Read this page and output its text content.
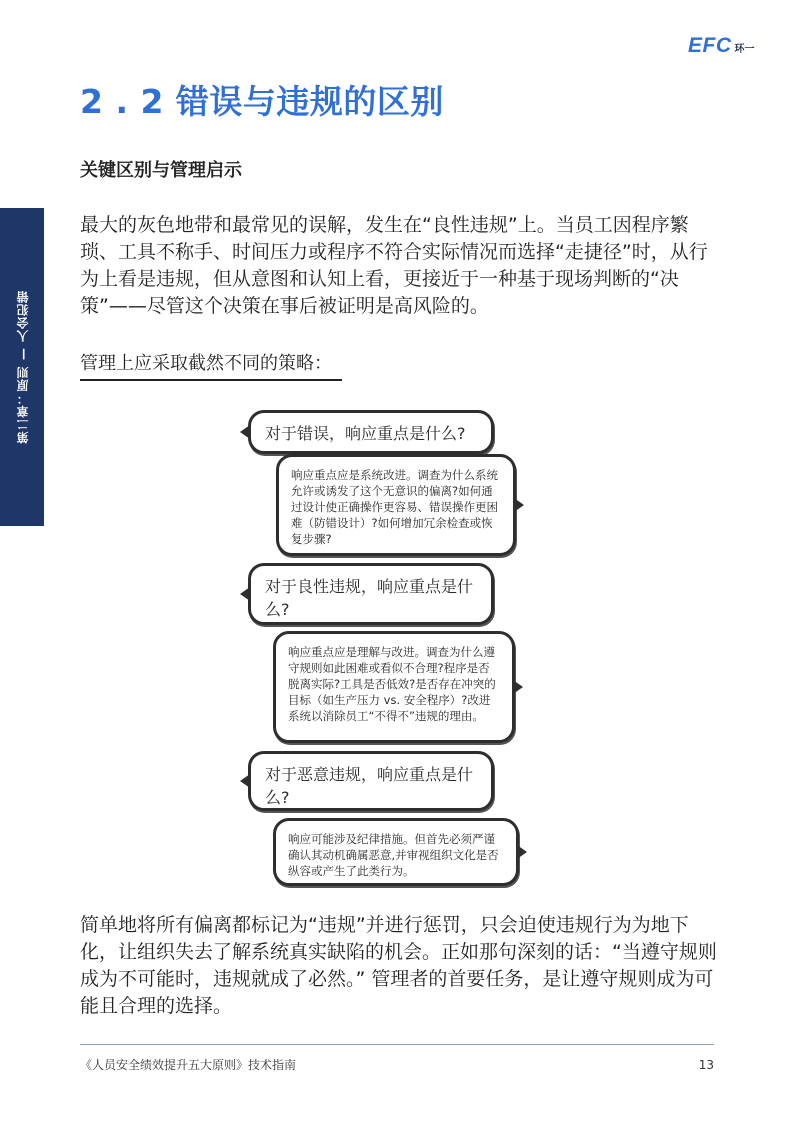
EFC 环一
第二章：原则 — 人会犯错
2 . 2 错误与违规的区别
关键区别与管理启示

最大的灰色地带和最常见的误解，发生在“良性违规”上。当员工因程序繁琐、工具不称手、时间压力或程序不符合实际情况而选择“走捷径”时，从行为上看是违规，但从意图和认知上看，更接近于一种基于现场判断的“决策”——尽管这个决策在事后被证明是高风险的。

管理上应采取截然不同的策略：

对于错误，响应重点是什么?
响应重点应是系统改进。调查为什么系统允许或诱发了这个无意识的偏离?如何通过设计使正确操作更容易、错误操作更困难（防错设计）?如何增加冗余检查或恢复步骤?
对于良性违规，响应重点是什么?
响应重点应是理解与改进。调查为什么遵守规则如此困难或看似不合理?程序是否脱离实际?工具是否低效?是否存在冲突的目标（如生产压力 vs. 安全程序）?改进系统以消除员工“不得不”违规的理由。
对于恶意违规，响应重点是什么?
响应可能涉及纪律措施。但首先必须严谨确认其动机确属恶意,并审视组织文化是否纵容或产生了此类行为。

简单地将所有偏离都标记为“违规”并进行惩罚，只会迫使违规行为为地下化，让组织失去了解系统真实缺陷的机会。正如那句深刻的话：“当遵守规则成为不可能时，违规就成了必然。” 管理者的首要任务，是让遵守规则成为可能且合理的选择。

《人员安全绩效提升五大原则》技术指南	13
